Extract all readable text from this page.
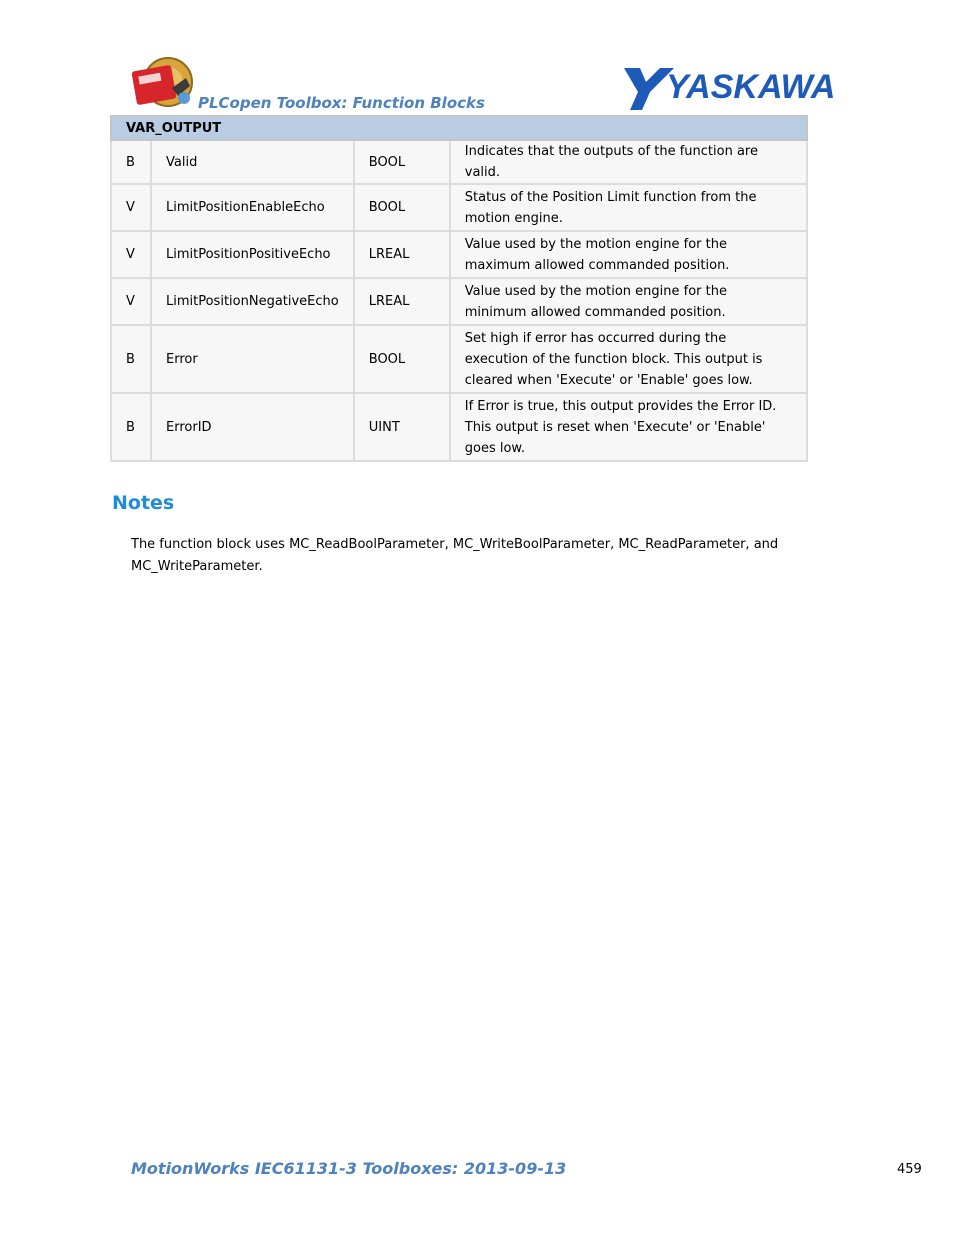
PLCopen Toolbox: Function Blocks	YASKAWA
VAR_OUTPUT			
B	Valid	BOOL	Indicates that the outputs of the function are valid.
V	LimitPositionEnableEcho	BOOL	Status of the Position Limit function from the motion engine.
V	LimitPositionPositiveEcho	LREAL	Value used by the motion engine for the maximum allowed commanded position.
V	LimitPositionNegativeEcho	LREAL	Value used by the motion engine for the minimum allowed commanded position.
B	Error	BOOL	Set high if error has occurred during the execution of the function block. This output is cleared when 'Execute' or 'Enable' goes low.
B	ErrorID	UINT	If Error is true, this output provides the Error ID. This output is reset when 'Execute' or 'Enable' goes low.
Notes
The function block uses MC_ReadBoolParameter, MC_WriteBoolParameter, MC_ReadParameter, and MC_WriteParameter.
MotionWorks IEC61131-3 Toolboxes: 2013-09-13	459
